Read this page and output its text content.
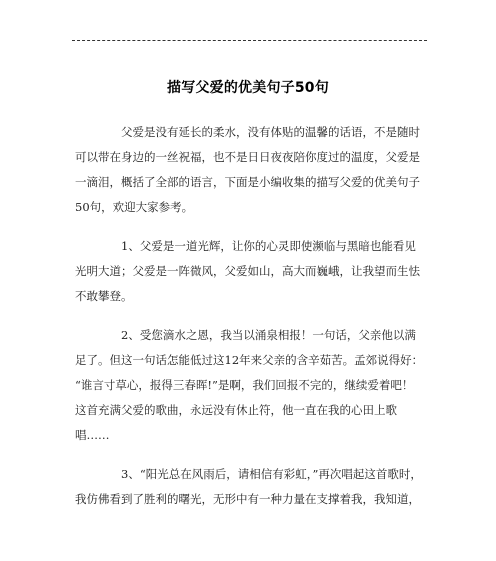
描写父爱的优美句子50句
父爱是没有延长的柔水，没有体贴的温馨的话语，不是随时
可以带在身边的一丝祝福，也不是日日夜夜陪你度过的温度，父爱是
一滴泪，概括了全部的语言，下面是小编收集的描写父爱的优美句子
50句，欢迎大家参考。
1、父爱是一道光辉，让你的心灵即使濒临与黑暗也能看见
光明大道；父爱是一阵微风，父爱如山，高大而巍峨，让我望而生怯
不敢攀登。
2、受您滴水之恩，我当以涌泉相报！一句话，父亲他以满
足了。但这一句话怎能低过这12年来父亲的含辛茹苦。孟郊说得好：
“谁言寸草心，报得三春晖!”是啊，我们回报不完的，继续爱着吧！
这首充满父爱的歌曲，永远没有休止符，他一直在我的心田上歌
唱……
3、“阳光总在风雨后，请相信有彩虹，”再次唱起这首歌时，
我仿佛看到了胜利的曙光，无形中有一种力量在支撑着我，我知道，
